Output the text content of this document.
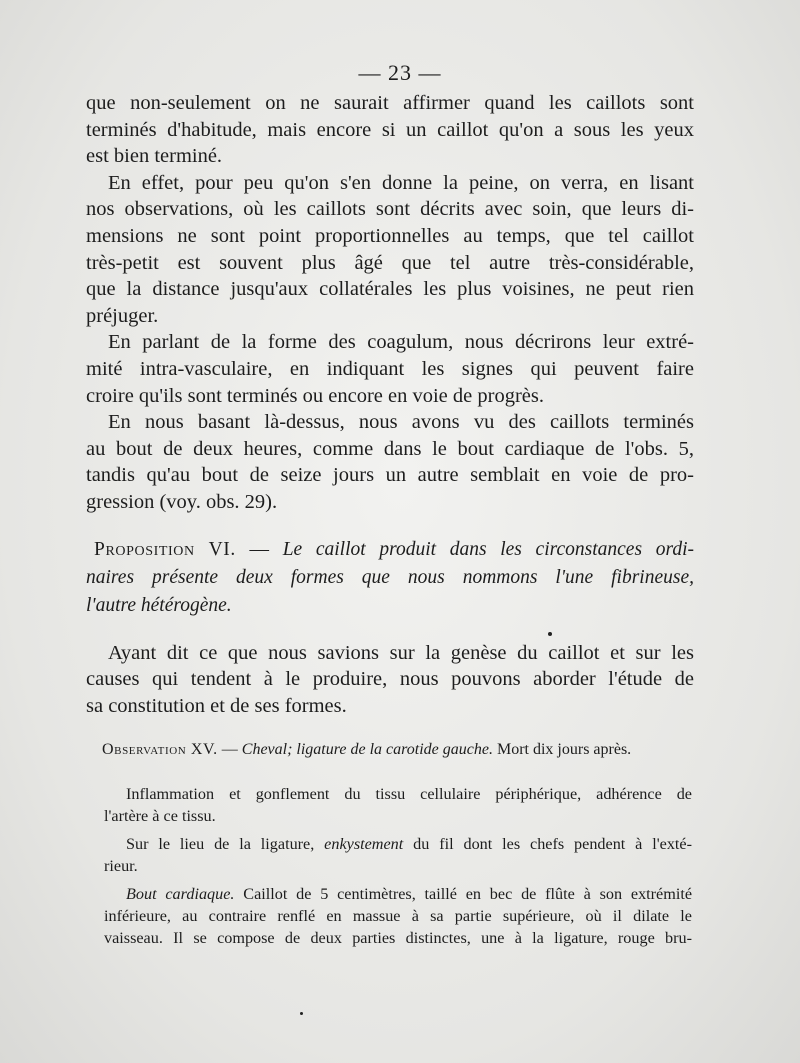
— 23 —
que non-seulement on ne saurait affirmer quand les caillots sont
terminés d'habitude, mais encore si un caillot qu'on a sous les yeux
est bien terminé.
En effet, pour peu qu'on s'en donne la peine, on verra, en lisant
nos observations, où les caillots sont décrits avec soin, que leurs di-
mensions ne sont point proportionnelles au temps, que tel caillot
très-petit est souvent plus âgé que tel autre très-considérable,
que la distance jusqu'aux collatérales les plus voisines, ne peut rien
préjuger.
En parlant de la forme des coagulum, nous décrirons leur extré-
mité intra-vasculaire, en indiquant les signes qui peuvent faire
croire qu'ils sont terminés ou encore en voie de progrès.
En nous basant là-dessus, nous avons vu des caillots terminés
au bout de deux heures, comme dans le bout cardiaque de l'obs. 5,
tandis qu'au bout de seize jours un autre semblait en voie de pro-
gression (voy. obs. 29).
Proposition VI. — Le caillot produit dans les circonstances ordi-
naires présente deux formes que nous nommons l'une fibrineuse,
l'autre hétérogène.
Ayant dit ce que nous savions sur la genèse du caillot et sur les
causes qui tendent à le produire, nous pouvons aborder l'étude de
sa constitution et de ses formes.
Observation XV. — Cheval; ligature de la carotide gauche. Mort dix jours après.
Inflammation et gonflement du tissu cellulaire périphérique, adhérence de
l'artère à ce tissu.
Sur le lieu de la ligature, enkystement du fil dont les chefs pendent à l'exté-
rieur.
Bout cardiaque. Caillot de 5 centimètres, taillé en bec de flûte à son extrémité
inférieure, au contraire renflé en massue à sa partie supérieure, où il dilate le
vaisseau. Il se compose de deux parties distinctes, une à la ligature, rouge bru-
